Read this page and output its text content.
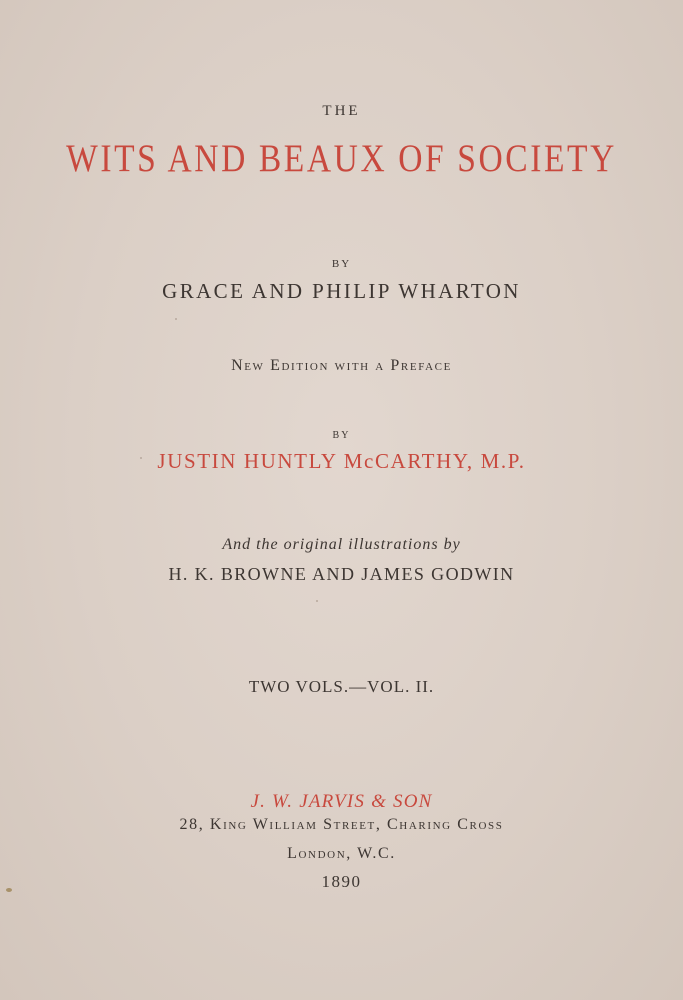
THE

WITS AND BEAUX OF SOCIETY

BY

GRACE AND PHILIP WHARTON

New Edition with a Preface

BY

JUSTIN HUNTLY McCARTHY, M.P.

And the original illustrations by

H. K. BROWNE AND JAMES GODWIN

TWO VOLS.—VOL. II.

J. W. JARVIS & SON

28, King William Street, Charing Cross

London, W.C.

1890
